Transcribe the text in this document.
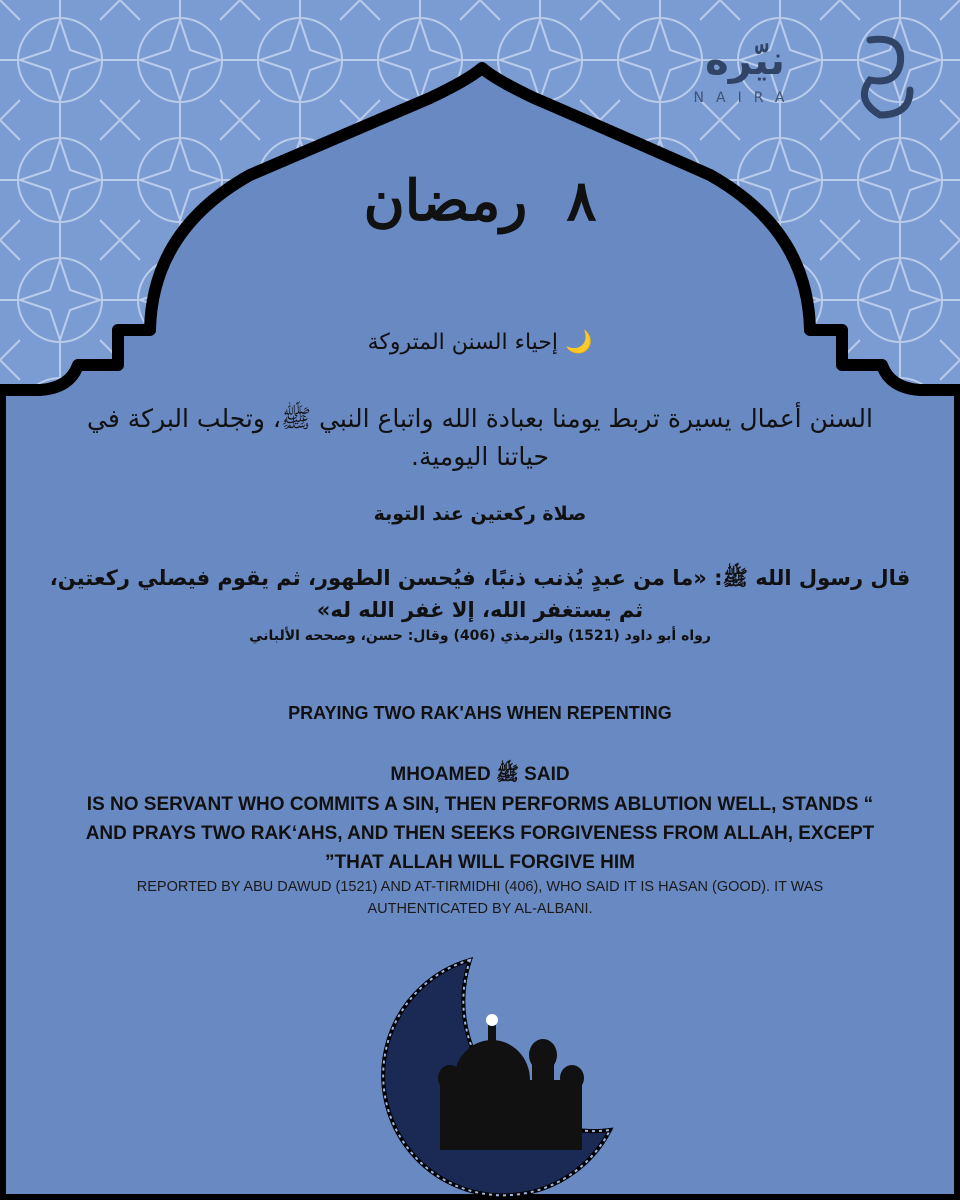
نيّره
NAIRA
٨  رمضان
🌙 إحياء السنن المتروكة
السنن أعمال يسيرة تربط يومنا بعبادة الله واتباع النبي ﷺ، وتجلب البركة في حياتنا اليومية.
صلاة ركعتين عند التوبة
قال رسول الله ﷺ: «ما من عبدٍ يُذنب ذنبًا، فيُحسن الطهور، ثم يقوم فيصلي ركعتين، ثم يستغفر الله، إلا غفر الله له»
رواه أبو داود (1521) والترمذي (406) وقال: حسن، وصححه الألباني
PRAYING TWO RAK'AHS WHEN REPENTING
MHOAMED ﷺ SAID
IS NO SERVANT WHO COMMITS A SIN, THEN PERFORMS ABLUTION WELL, STANDS “
AND PRAYS TWO RAK‘AHS, AND THEN SEEKS FORGIVENESS FROM ALLAH, EXCEPT
”THAT ALLAH WILL FORGIVE HIM
REPORTED BY ABU DAWUD (1521) AND AT-TIRMIDHI (406), WHO SAID IT IS HASAN (GOOD). IT WAS AUTHENTICATED BY AL-ALBANI.
